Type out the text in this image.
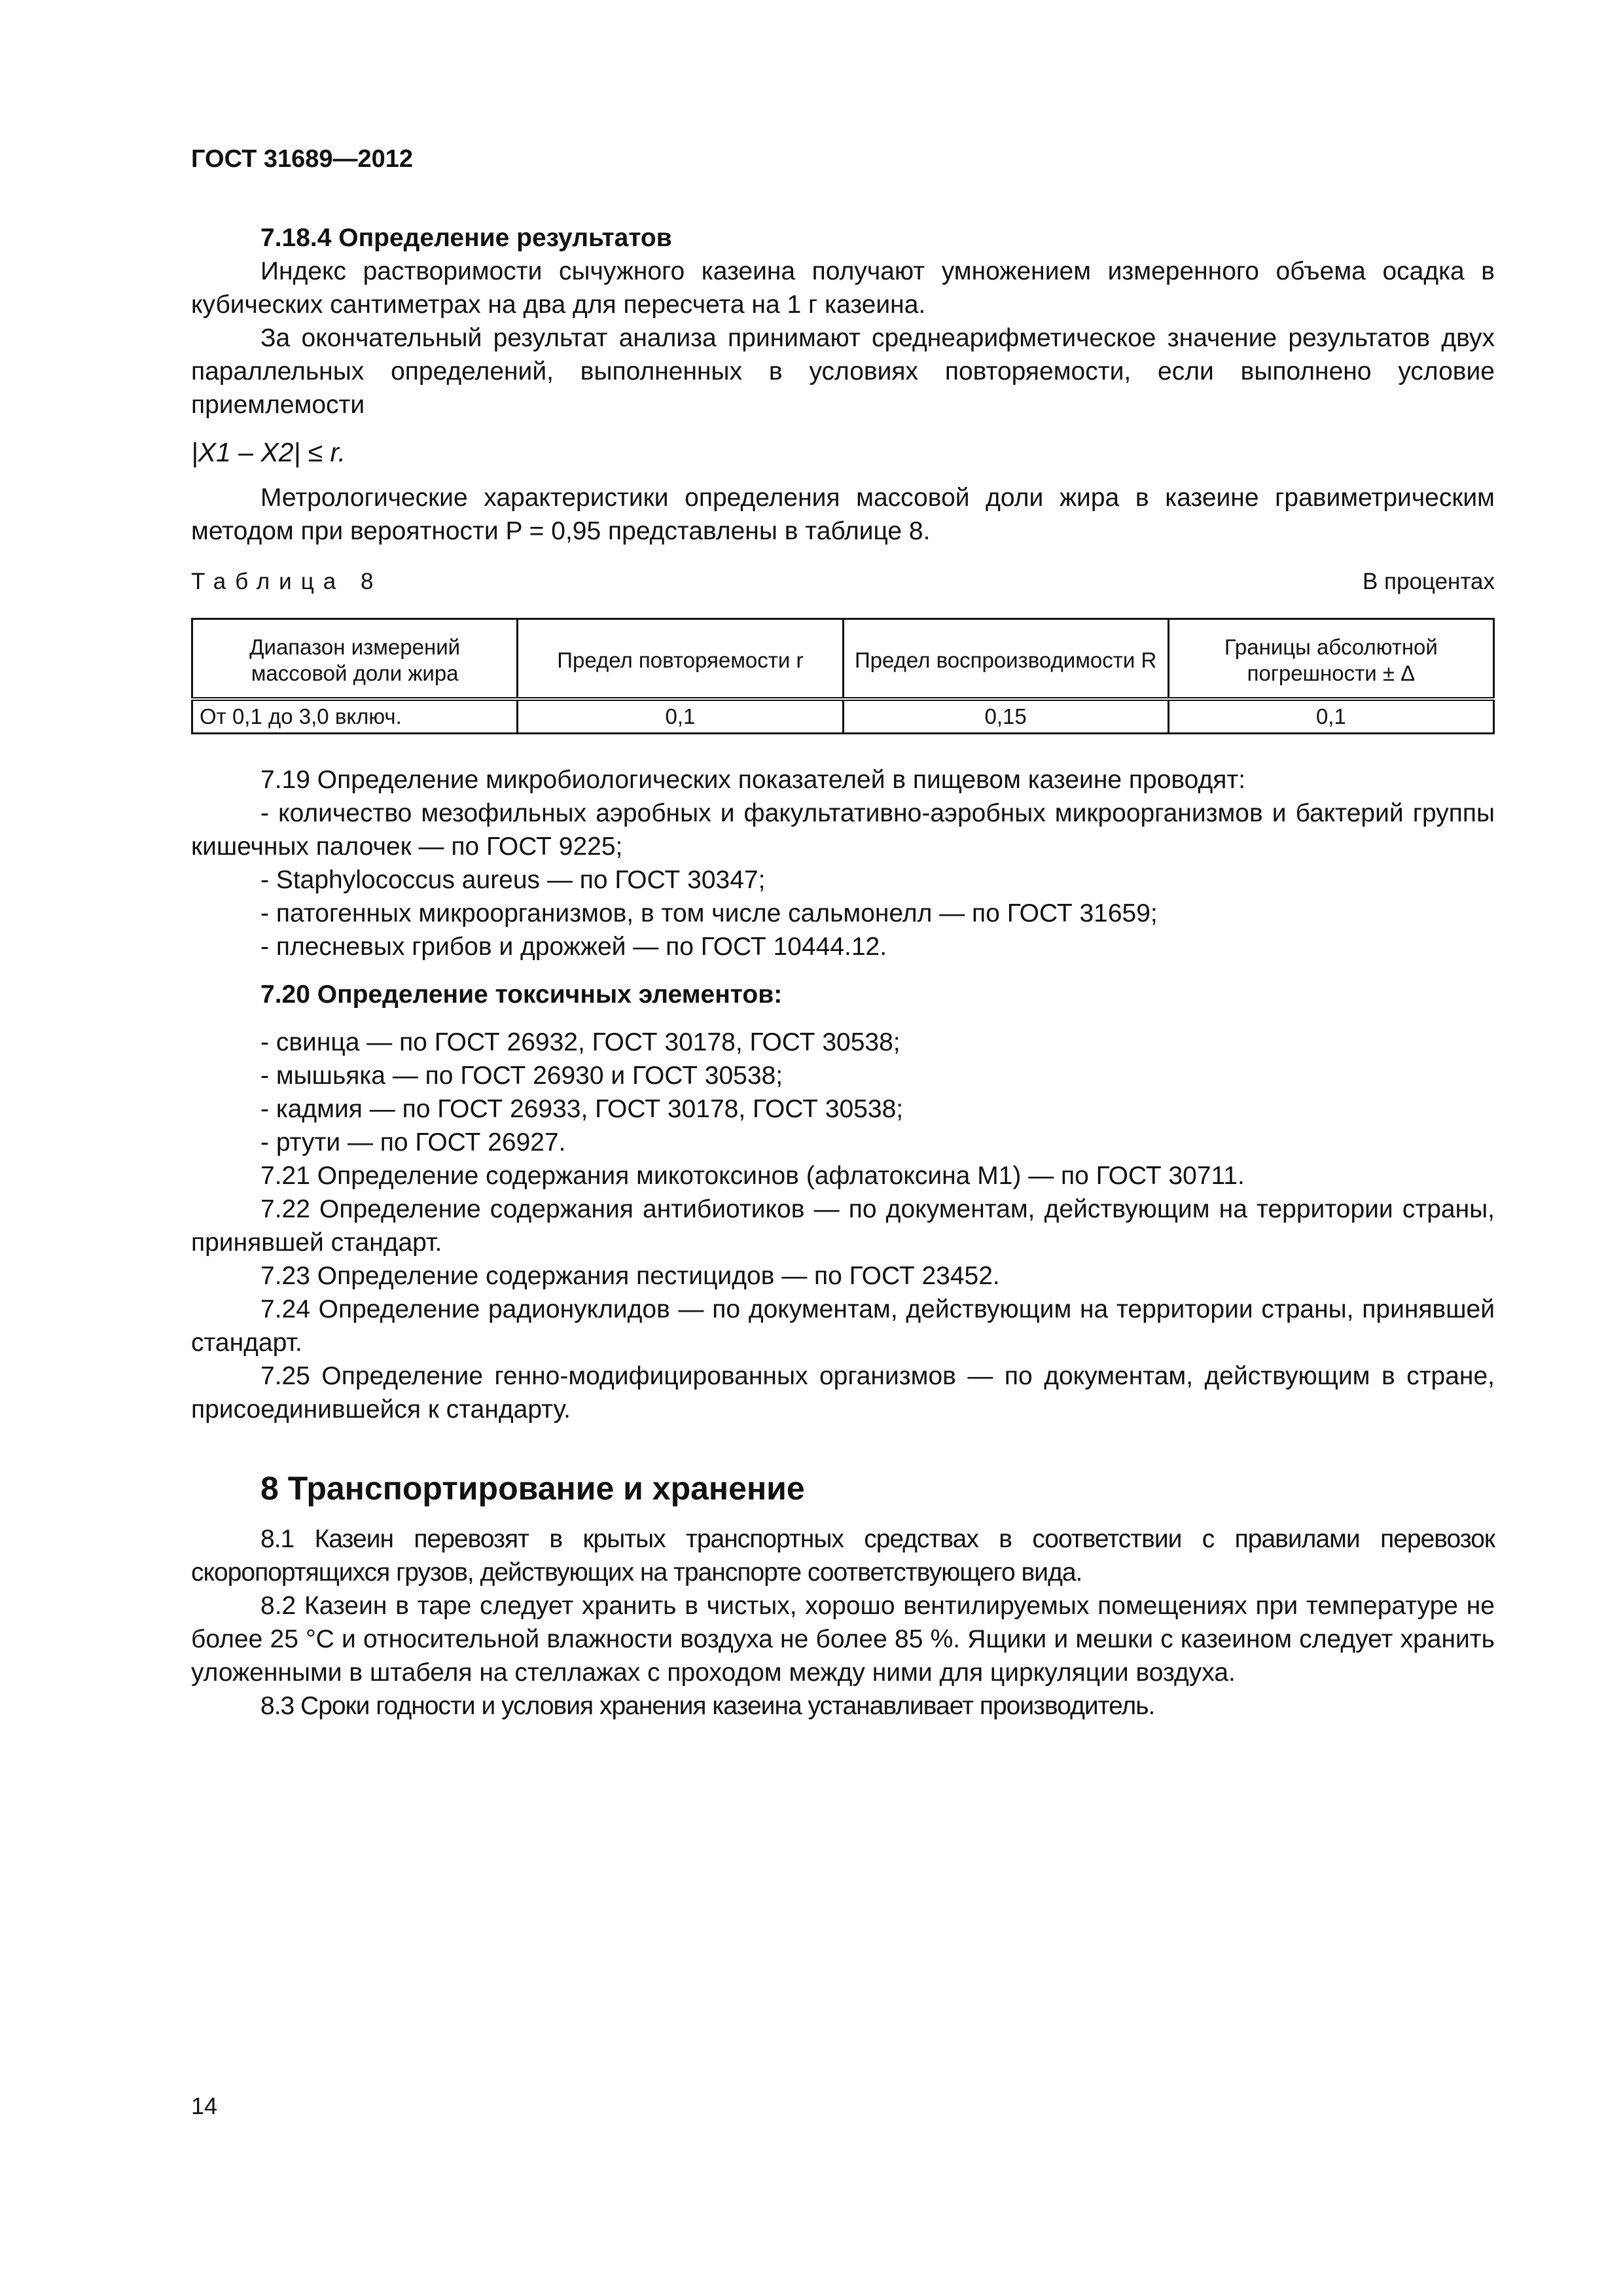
ГОСТ 31689—2012

7.18.4 Определение результатов

Индекс растворимости сычужного казеина получают умножением измеренного объема осадка в кубических сантиметрах на два для пересчета на 1 г казеина.

За окончательный результат анализа принимают среднеарифметическое значение результатов двух параллельных определений, выполненных в условиях повторяемости, если выполнено условие приемлемости

|X1 – X2| ≤ r.

Метрологические характеристики определения массовой доли жира в казеине гравиметрическим методом при вероятности P = 0,95 представлены в таблице 8.

Таблица 8	В процентах
Диапазон измерений массовой доли жира	Предел повторяемости r	Предел воспроизводимости R	Границы абсолютной погрешности ± Δ
От 0,1 до 3,0 включ.	0,1	0,15	0,1

7.19 Определение микробиологических показателей в пищевом казеине проводят:

- количество мезофильных аэробных и факультативно-аэробных микроорганизмов и бактерий группы кишечных палочек — по ГОСТ 9225;

- Staphylococcus aureus — по ГОСТ 30347;

- патогенных микроорганизмов, в том числе сальмонелл — по ГОСТ 31659;

- плесневых грибов и дрожжей — по ГОСТ 10444.12.

7.20 Определение токсичных элементов:

- свинца — по ГОСТ 26932, ГОСТ 30178, ГОСТ 30538;

- мышьяка — по ГОСТ 26930 и ГОСТ 30538;

- кадмия — по ГОСТ 26933, ГОСТ 30178, ГОСТ 30538;

- ртути — по ГОСТ 26927.

7.21 Определение содержания микотоксинов (афлатоксина M1) — по ГОСТ 30711.

7.22 Определение содержания антибиотиков — по документам, действующим на территории страны, принявшей стандарт.

7.23 Определение содержания пестицидов — по ГОСТ 23452.

7.24 Определение радионуклидов — по документам, действующим на территории страны, принявшей стандарт.

7.25 Определение генно-модифицированных организмов — по документам, действующим в стране, присоединившейся к стандарту.

8 Транспортирование и хранение

8.1 Казеин перевозят в крытых транспортных средствах в соответствии с правилами перевозок скоропортящихся грузов, действующих на транспорте соответствующего вида.

8.2 Казеин в таре следует хранить в чистых, хорошо вентилируемых помещениях при температуре не более 25 °С и относительной влажности воздуха не более 85 %. Ящики и мешки с казеином следует хранить уложенными в штабеля на стеллажах с проходом между ними для циркуляции воздуха.

8.3 Сроки годности и условия хранения казеина устанавливает производитель.

14
